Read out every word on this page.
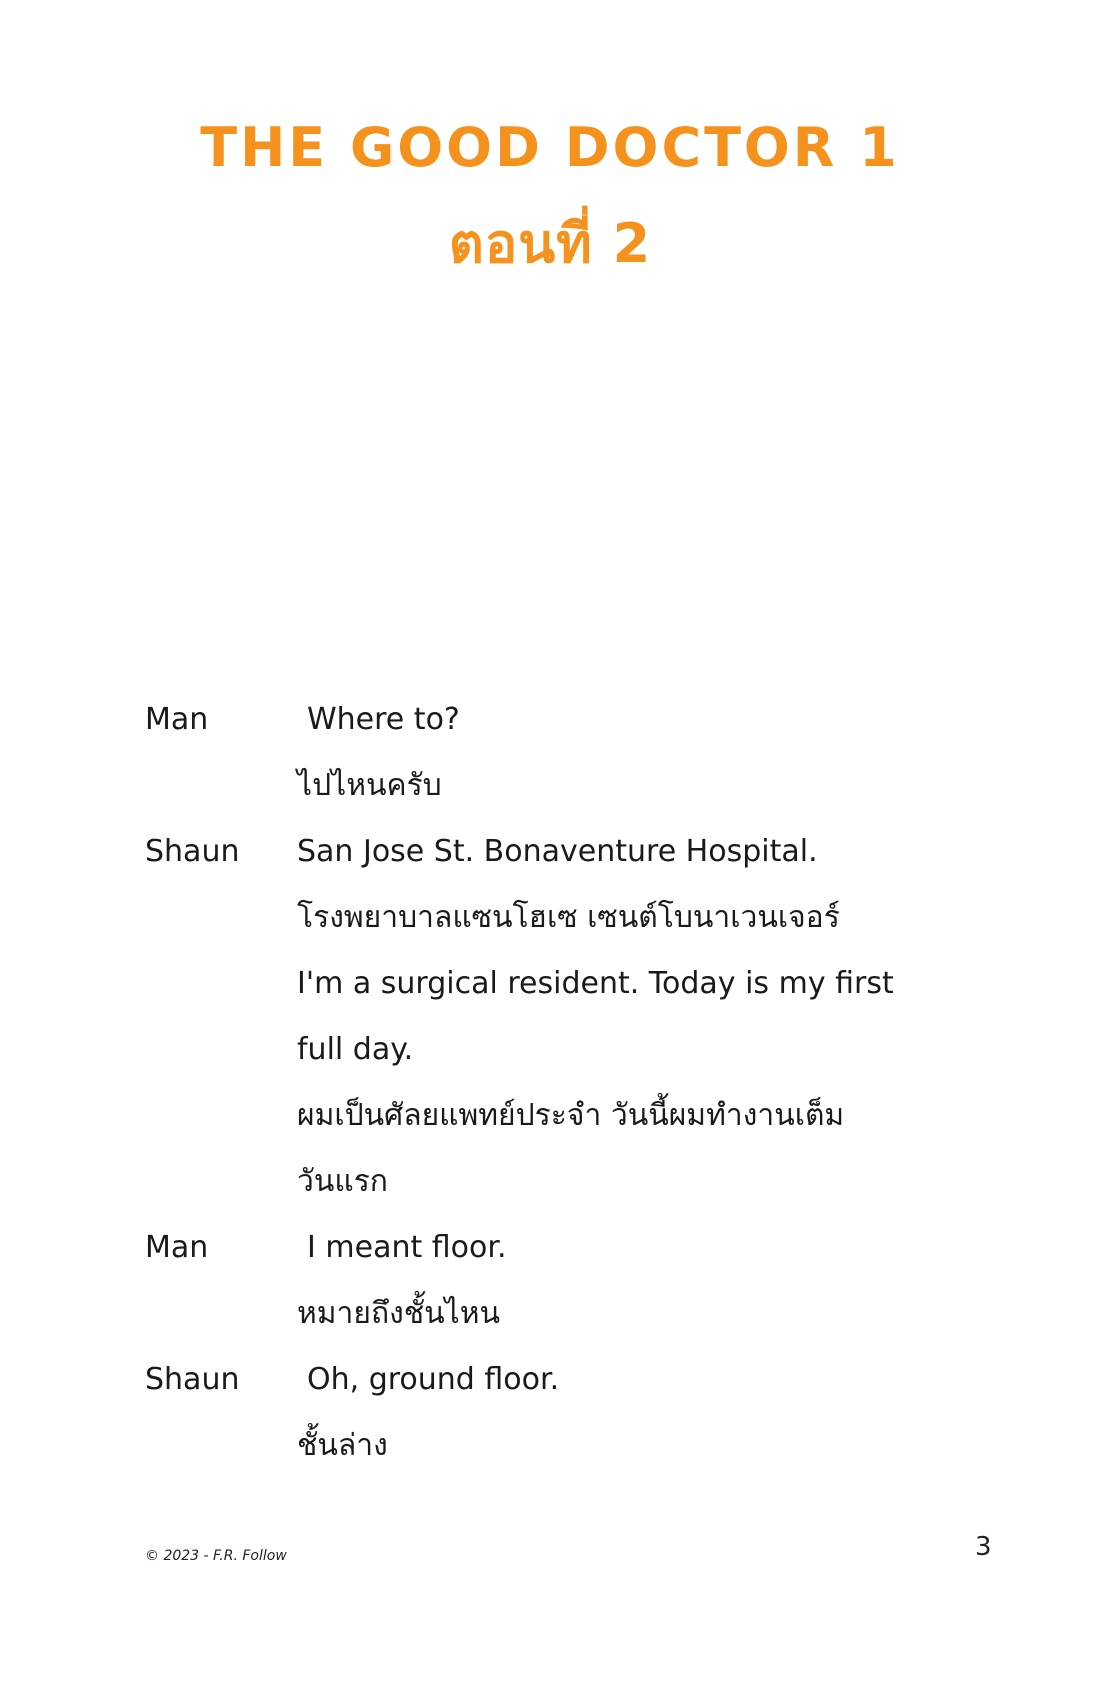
THE GOOD DOCTOR 1
ตอนที่ 2
Man	Where to?
ไปไหนครับ
Shaun	San Jose St. Bonaventure Hospital.
โรงพยาบาลแซนโฮเซ เซนต์โบนาเวนเจอร์
I'm a surgical resident. Today is my first
full day.
ผมเป็นศัลยแพทย์ประจำ วันนี้ผมทำงานเต็ม
วันแรก
Man	I meant floor.
หมายถึงชั้นไหน
Shaun	Oh, ground floor.
ชั้นล่าง
© 2023 - F.R. Follow	3
